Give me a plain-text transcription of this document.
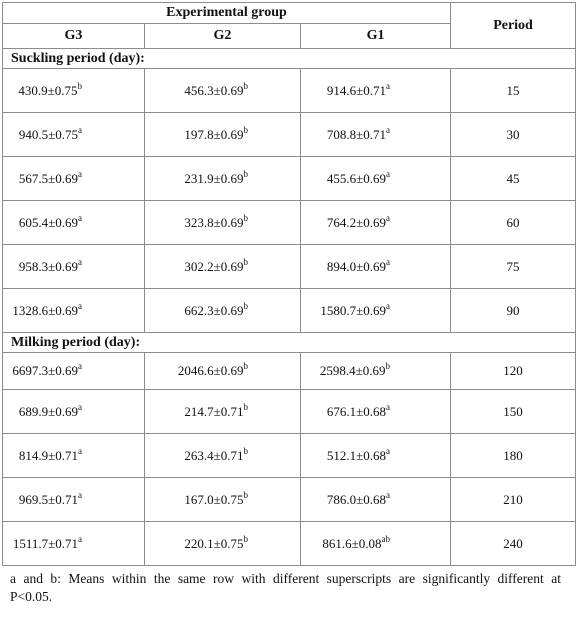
Experimental group			Period
G3	G2	G1	
Suckling period (day):			
430.9±0.75$^b$	456.3±0.69$^b$	914.6±0.71$^a$	15
940.5±0.75$^a$	197.8±0.69$^b$	708.8±0.71$^a$	30
567.5±0.69$^a$	231.9±0.69$^b$	455.6±0.69$^a$	45
605.4±0.69$^a$	323.8±0.69$^b$	764.2±0.69$^a$	60
958.3±0.69$^a$	302.2±0.69$^b$	894.0±0.69$^a$	75
1328.6±0.69$^a$	662.3±0.69$^b$	1580.7±0.69$^a$	90
Milking period (day):			
6697.3±0.69$^a$	2046.6±0.69$^b$	2598.4±0.69$^b$	120
689.9±0.69$^a$	214.7±0.71$^b$	676.1±0.68$^a$	150
814.9±0.71$^a$	263.4±0.71$^b$	512.1±0.68$^a$	180
969.5±0.71$^a$	167.0±0.75$^b$	786.0±0.68$^a$	210
1511.7±0.71$^a$	220.1±0.75$^b$	861.6±0.08$^{ab}$	240
a and b: Means within the same row with different superscripts are significantly different at P<0.05.
